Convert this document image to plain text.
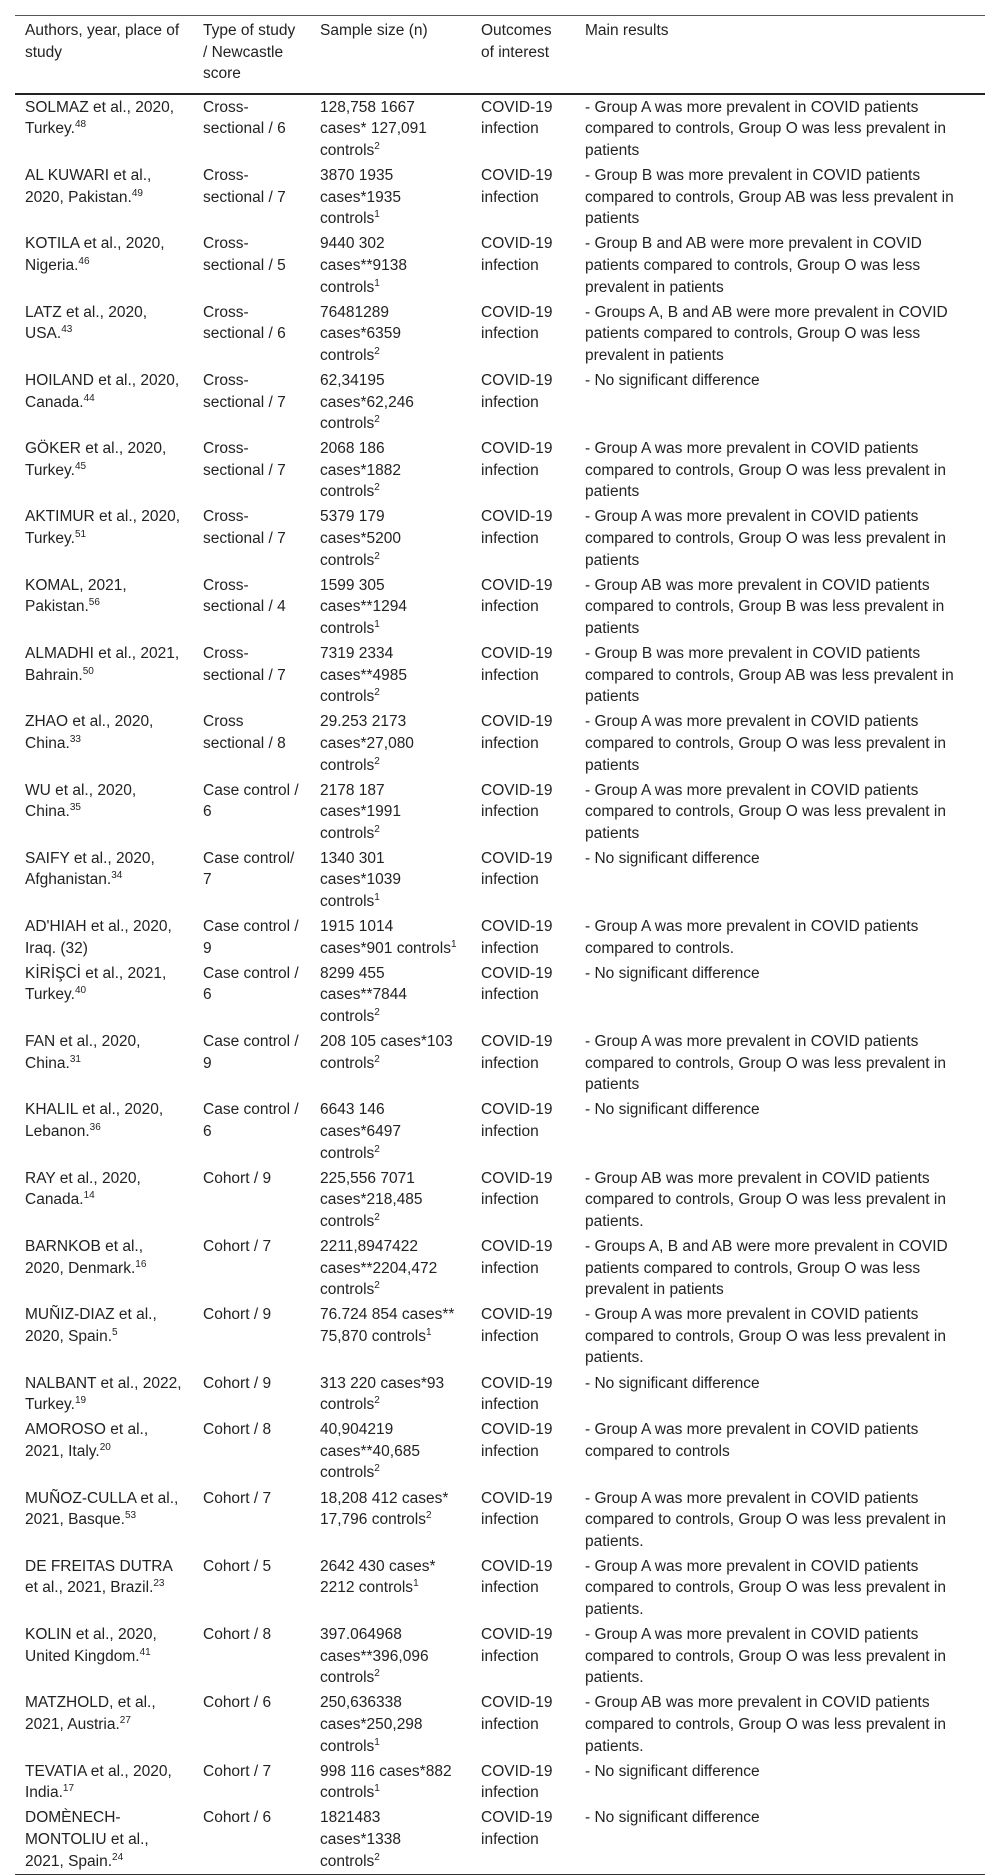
Authors, year, place of study	Type of study / Newcastle score	Sample size (n)	Outcomes of interest	Main results
SOLMAZ et al., 2020, Turkey.$^{48}$	Cross-sectional / 6	128,758 1667 cases* 127,091 controls$^2$	COVID-19 infection	- Group A was more prevalent in COVID patients compared to controls, Group O was less prevalent in patients
AL KUWARI et al., 2020, Pakistan.$^{49}$	Cross-sectional / 7	3870 1935 cases*1935 controls$^1$	COVID-19 infection	- Group B was more prevalent in COVID patients compared to controls, Group AB was less prevalent in patients
KOTILA et al., 2020, Nigeria.$^{46}$	Cross-sectional / 5	9440 302 cases**9138 controls$^1$	COVID-19 infection	- Group B and AB were more prevalent in COVID patients compared to controls, Group O was less prevalent in patients
LATZ et al., 2020, USA.$^{43}$	Cross-sectional / 6	76481289 cases*6359 controls$^2$	COVID-19 infection	- Groups A, B and AB were more prevalent in COVID patients compared to controls, Group O was less prevalent in patients
HOILAND et al., 2020, Canada.$^{44}$	Cross-sectional / 7	62,34195 cases*62,246 controls$^2$	COVID-19 infection	- No significant difference
GÖKER et al., 2020, Turkey.$^{45}$	Cross-sectional / 7	2068 186 cases*1882 controls$^2$	COVID-19 infection	- Group A was more prevalent in COVID patients compared to controls, Group O was less prevalent in patients
AKTIMUR et al., 2020, Turkey.$^{51}$	Cross-sectional / 7	5379 179 cases*5200 controls$^2$	COVID-19 infection	- Group A was more prevalent in COVID patients compared to controls, Group O was less prevalent in patients
KOMAL, 2021, Pakistan.$^{56}$	Cross-sectional / 4	1599 305 cases**1294 controls$^1$	COVID-19 infection	- Group AB was more prevalent in COVID patients compared to controls, Group B was less prevalent in patients
ALMADHI et al., 2021, Bahrain.$^{50}$	Cross-sectional / 7	7319 2334 cases**4985 controls$^2$	COVID-19 infection	- Group B was more prevalent in COVID patients compared to controls, Group AB was less prevalent in patients
ZHAO et al., 2020, China.$^{33}$	Cross sectional / 8	29.253 2173 cases*27,080 controls$^2$	COVID-19 infection	- Group A was more prevalent in COVID patients compared to controls, Group O was less prevalent in patients
WU et al., 2020, China.$^{35}$	Case control / 6	2178 187 cases*1991 controls$^2$	COVID-19 infection	- Group A was more prevalent in COVID patients compared to controls, Group O was less prevalent in patients
SAIFY et al., 2020, Afghanistan.$^{34}$	Case control/ 7	1340 301 cases*1039 controls$^1$	COVID-19 infection	- No significant difference
AD'HIAH et al., 2020, Iraq. (32)	Case control / 9	1915 1014 cases*901 controls$^1$	COVID-19 infection	- Group A was more prevalent in COVID patients compared to controls.
KİRİŞCİ et al., 2021, Turkey.$^{40}$	Case control / 6	8299 455 cases**7844 controls$^2$	COVID-19 infection	- No significant difference
FAN et al., 2020, China.$^{31}$	Case control / 9	208 105 cases*103 controls$^2$	COVID-19 infection	- Group A was more prevalent in COVID patients compared to controls, Group O was less prevalent in patients
KHALIL et al., 2020, Lebanon.$^{36}$	Case control / 6	6643 146 cases*6497 controls$^2$	COVID-19 infection	- No significant difference
RAY et al., 2020, Canada.$^{14}$	Cohort / 9	225,556 7071 cases*218,485 controls$^2$	COVID-19 infection	- Group AB was more prevalent in COVID patients compared to controls, Group O was less prevalent in patients.
BARNKOB et al., 2020, Denmark.$^{16}$	Cohort / 7	2211,8947422 cases**2204,472 controls$^2$	COVID-19 infection	- Groups A, B and AB were more prevalent in COVID patients compared to controls, Group O was less prevalent in patients
MUÑIZ-DIAZ et al., 2020, Spain.$^5$	Cohort / 9	76.724 854 cases** 75,870 controls$^1$	COVID-19 infection	- Group A was more prevalent in COVID patients compared to controls, Group O was less prevalent in patients.
NALBANT et al., 2022, Turkey.$^{19}$	Cohort / 9	313 220 cases*93 controls$^2$	COVID-19 infection	- No significant difference
AMOROSO et al., 2021, Italy.$^{20}$	Cohort / 8	40,904219 cases**40,685 controls$^2$	COVID-19 infection	- Group A was more prevalent in COVID patients compared to controls
MUÑOZ-CULLA et al., 2021, Basque.$^{53}$	Cohort / 7	18,208 412 cases* 17,796 controls$^2$	COVID-19 infection	- Group A was more prevalent in COVID patients compared to controls, Group O was less prevalent in patients.
DE FREITAS DUTRA et al., 2021, Brazil.$^{23}$	Cohort / 5	2642 430 cases* 2212 controls$^1$	COVID-19 infection	- Group A was more prevalent in COVID patients compared to controls, Group O was less prevalent in patients.
KOLIN et al., 2020, United Kingdom.$^{41}$	Cohort / 8	397.064968 cases**396,096 controls$^2$	COVID-19 infection	- Group A was more prevalent in COVID patients compared to controls, Group O was less prevalent in patients.
MATZHOLD, et al., 2021, Austria.$^{27}$	Cohort / 6	250,636338 cases*250,298 controls$^1$	COVID-19 infection	- Group AB was more prevalent in COVID patients compared to controls, Group O was less prevalent in patients.
TEVATIA et al., 2020, India.$^{17}$	Cohort / 7	998 116 cases*882 controls$^1$	COVID-19 infection	- No significant difference
DOMÈNECH-MONTOLIU et al., 2021, Spain.$^{24}$	Cohort / 6	1821483 cases*1338 controls$^2$	COVID-19 infection	- No significant difference
